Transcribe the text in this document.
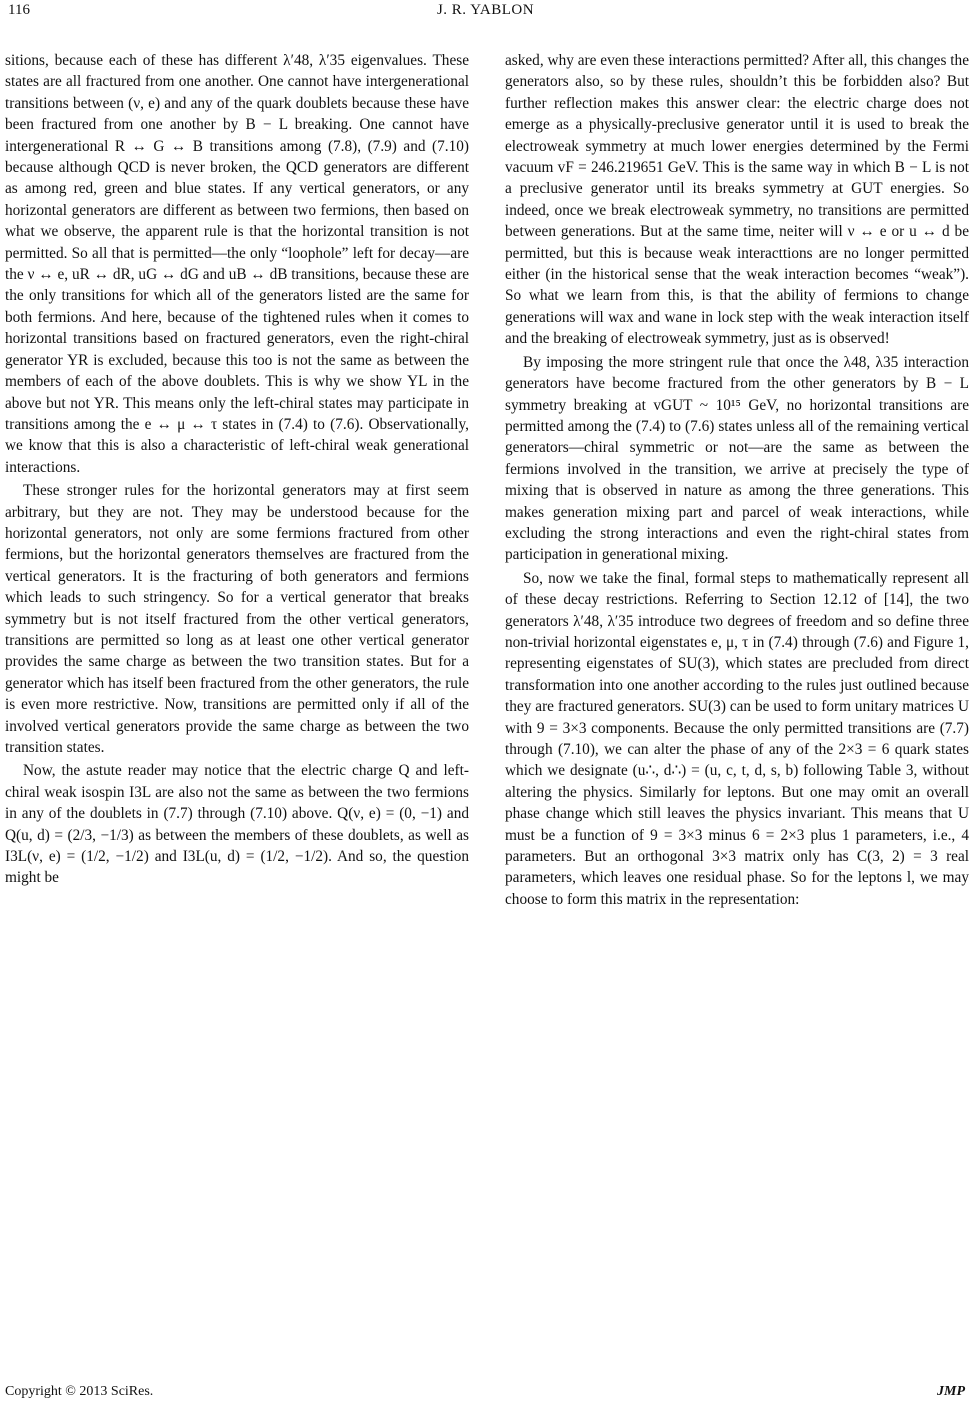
116	J. R. YABLON

sitions, because each of these has different λ′48, λ′35 eigenvalues. These states are all fractured from one another. One cannot have intergenerational transitions between (ν, e) and any of the quark doublets because these have been fractured from one another by B − L breaking. One cannot have intergenerational R ↔ G ↔ B transitions among (7.8), (7.9) and (7.10) because although QCD is never broken, the QCD generators are different as among red, green and blue states. If any vertical generators, or any horizontal generators are different as between two fermions, then based on what we observe, the apparent rule is that the horizontal transition is not permitted. So all that is permitted—the only “loophole” left for decay—are the ν ↔ e, uR ↔ dR, uG ↔ dG and uB ↔ dB transitions, because these are the only transitions for which all of the generators listed are the same for both fermions. And here, because of the tightened rules when it comes to horizontal transitions based on fractured generators, even the right-chiral generator YR is excluded, because this too is not the same as between the members of each of the above doublets. This is why we show YL in the above but not YR. This means only the left-chiral states may participate in transitions among the e ↔ μ ↔ τ states in (7.4) to (7.6). Observationally, we know that this is also a characteristic of left-chiral weak generational interactions.

These stronger rules for the horizontal generators may at first seem arbitrary, but they are not. They may be understood because for the horizontal generators, not only are some fermions fractured from other fermions, but the horizontal generators themselves are fractured from the vertical generators. It is the fracturing of both generators and fermions which leads to such stringency. So for a vertical generator that breaks symmetry but is not itself fractured from the other vertical generators, transitions are permitted so long as at least one other vertical generator provides the same charge as between the two transition states. But for a generator which has itself been fractured from the other generators, the rule is even more restrictive. Now, transitions are permitted only if all of the involved vertical generators provide the same charge as between the two transition states.

Now, the astute reader may notice that the electric charge Q and left-chiral weak isospin I3L are also not the same as between the two fermions in any of the doublets in (7.7) through (7.10) above. Q(ν, e) = (0, −1) and Q(u, d) = (2/3, −1/3) as between the members of these doublets, as well as I3L(ν, e) = (1/2, −1/2) and I3L(u, d) = (1/2, −1/2). And so, the question might be

asked, why are even these interactions permitted? After all, this changes the generators also, so by these rules, shouldn’t this be forbidden also? But further reflection makes this answer clear: the electric charge does not emerge as a physically-preclusive generator until it is used to break the electroweak symmetry at much lower energies determined by the Fermi vacuum vF = 246.219651 GeV. This is the same way in which B − L is not a preclusive generator until its breaks symmetry at GUT energies. So indeed, once we break electroweak symmetry, no transitions are permitted between generations. But at the same time, neiter will ν ↔ e or u ↔ d be permitted, but this is because weak interacttions are no longer permitted either (in the historical sense that the weak interaction becomes “weak”). So what we learn from this, is that the ability of fermions to change generations will wax and wane in lock step with the weak interaction itself and the breaking of electroweak symmetry, just as is observed!

By imposing the more stringent rule that once the λ48, λ35 interaction generators have become fractured from the other generators by B − L symmetry breaking at vGUT ~ 10¹⁵ GeV, no horizontal transitions are permitted among the (7.4) to (7.6) states unless all of the remaining vertical generators—chiral symmetric or not—are the same as between the fermions involved in the transition, we arrive at precisely the type of mixing that is observed in nature as among the three generations. This makes generation mixing part and parcel of weak interactions, while excluding the strong interactions and even the right-chiral states from participation in generational mixing.

So, now we take the final, formal steps to mathematically represent all of these decay restrictions. Referring to Section 12.12 of [14], the two generators λ′48, λ′35 introduce two degrees of freedom and so define three non-trivial horizontal eigenstates e, μ, τ in (7.4) through (7.6) and Figure 1, representing eigenstates of SU(3), which states are precluded from direct transformation into one another according to the rules just outlined because they are fractured generators. SU(3) can be used to form unitary matrices U with 9 = 3×3 components. Because the only permitted transitions are (7.7) through (7.10), we can alter the phase of any of the 2×3 = 6 quark states which we designate (u∴, d∴) = (u, c, t, d, s, b) following Table 3, without altering the physics. Similarly for leptons. But one may omit an overall phase change which still leaves the physics invariant. This means that U must be a function of 9 = 3×3 minus 6 = 2×3 plus 1 parameters, i.e., 4 parameters. But an orthogonal 3×3 matrix only has C(3, 2) = 3 real parameters, which leaves one residual phase. So for the leptons l, we may choose to form this matrix in the representation:

Copyright © 2013 SciRes.	JMP
